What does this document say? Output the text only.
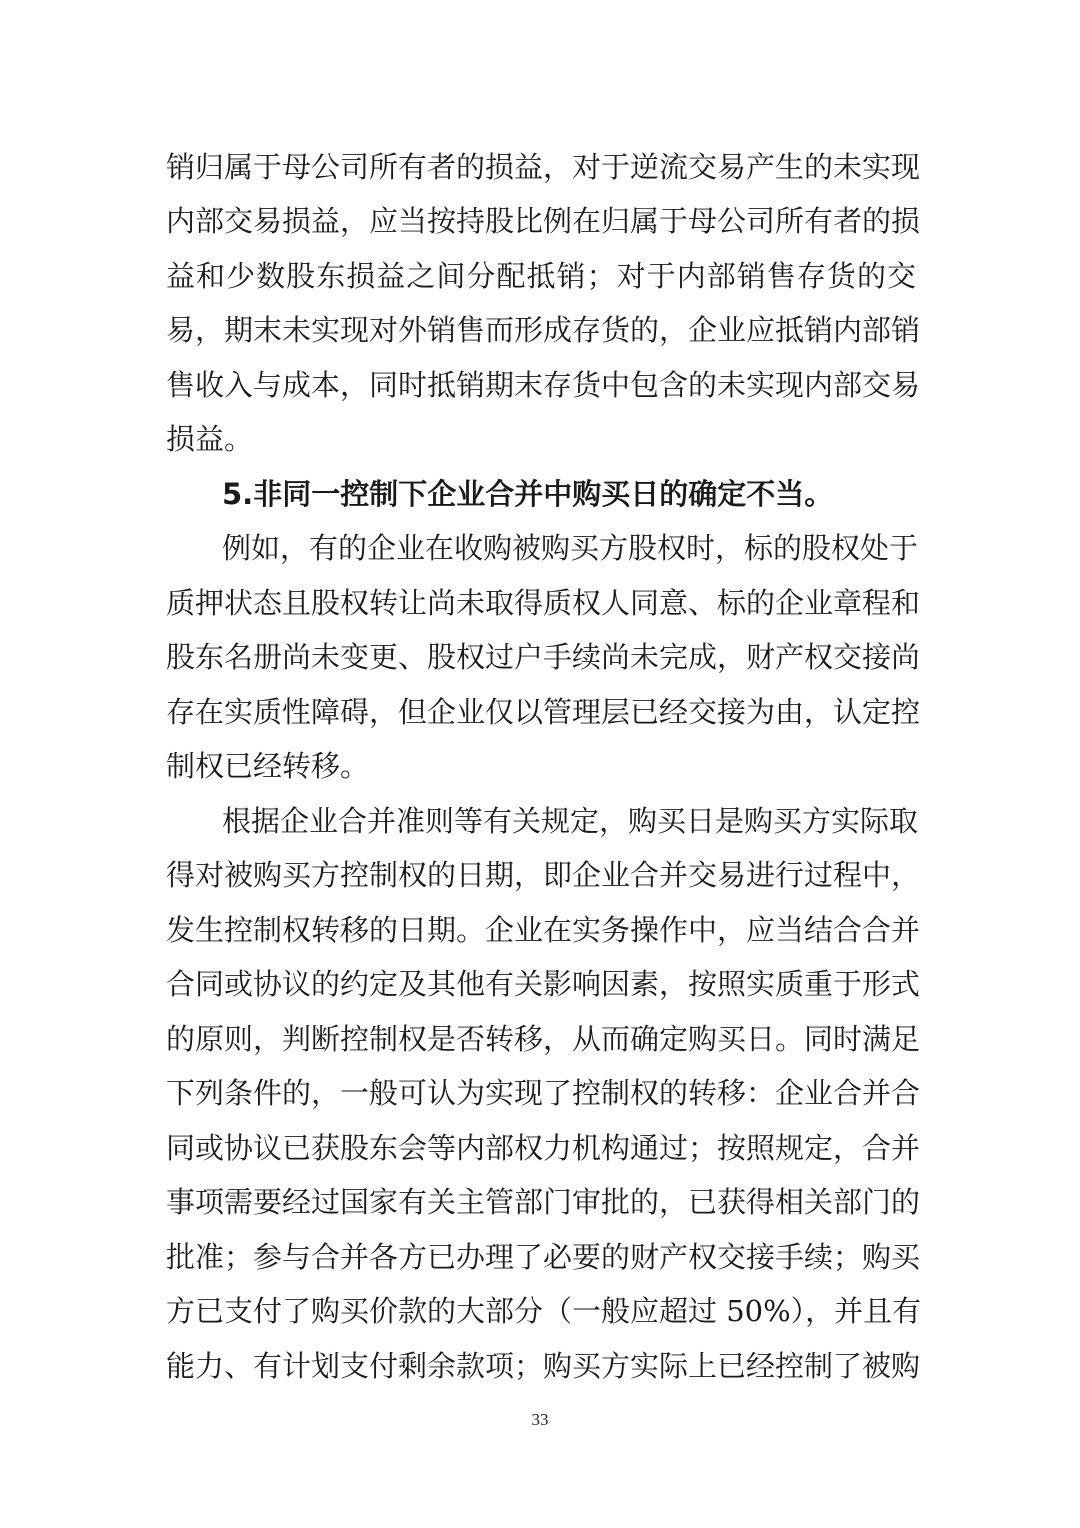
销归属于母公司所有者的损益，对于逆流交易产生的未实现
内部交易损益，应当按持股比例在归属于母公司所有者的损
益和少数股东损益之间分配抵销；对于内部销售存货的交
易，期末未实现对外销售而形成存货的，企业应抵销内部销
售收入与成本，同时抵销期末存货中包含的未实现内部交易
损益。
5.非同一控制下企业合并中购买日的确定不当。
例如，有的企业在收购被购买方股权时，标的股权处于
质押状态且股权转让尚未取得质权人同意、标的企业章程和
股东名册尚未变更、股权过户手续尚未完成，财产权交接尚
存在实质性障碍，但企业仅以管理层已经交接为由，认定控
制权已经转移。
根据企业合并准则等有关规定，购买日是购买方实际取
得对被购买方控制权的日期，即企业合并交易进行过程中，
发生控制权转移的日期。企业在实务操作中，应当结合合并
合同或协议的约定及其他有关影响因素，按照实质重于形式
的原则，判断控制权是否转移，从而确定购买日。同时满足
下列条件的，一般可认为实现了控制权的转移：企业合并合
同或协议已获股东会等内部权力机构通过；按照规定，合并
事项需要经过国家有关主管部门审批的，已获得相关部门的
批准；参与合并各方已办理了必要的财产权交接手续；购买
方已支付了购买价款的大部分（一般应超过 50%），并且有
能力、有计划支付剩余款项；购买方实际上已经控制了被购
33
